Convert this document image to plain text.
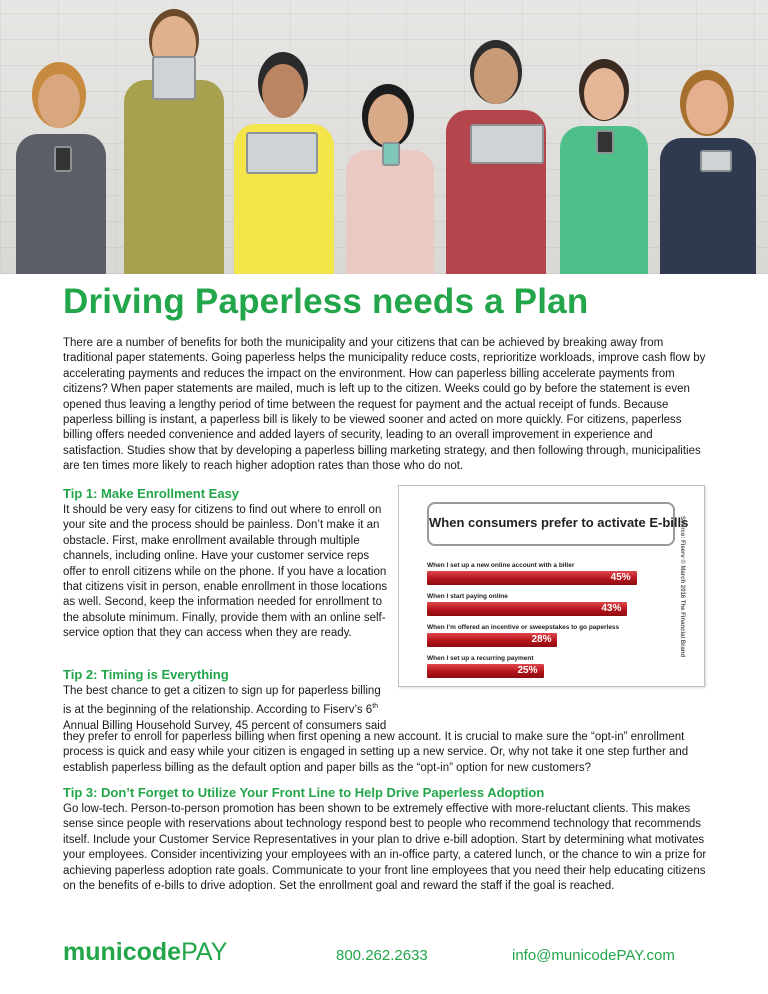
Driving Paperless needs a Plan

There are a number of benefits for both the municipality and your citizens that can be achieved by breaking away from traditional paper statements. Going paperless helps the municipality reduce costs, reprioritize workloads, improve cash flow by accelerating payments and reduces the impact on the environment. How can paperless billing accelerate payments from citizens? When paper statements are mailed, much is left up to the citizen. Weeks could go by before the statement is even opened thus leaving a lengthy period of time between the request for payment and the actual receipt of funds. Because paperless billing is instant, a paperless bill is likely to be viewed sooner and acted on more quickly. For citizens, paperless billing offers needed convenience and added layers of security, leading to an overall improvement in experience and satisfaction. Studies show that by developing a paperless billing marketing strategy, and then following through, municipalities are ten times more likely to reach higher adoption rates than those who do not.

Tip 1: Make Enrollment Easy

It should be very easy for citizens to find out where to enroll on your site and the process should be painless. Don’t make it an obstacle. First, make enrollment available through multiple channels, including online. Have your customer service reps offer to enroll citizens while on the phone. If you have a location that citizens visit in person, enable enrollment in those locations as well. Second, keep the information needed for enrollment to the absolute minimum. Finally, provide them with an online self-service option that they can access when they are ready.

Tip 2: Timing is Everything

The best chance to get a citizen to sign up for paperless billing is at the beginning of the relationship. According to Fiserv’s 6th Annual Billing Household Survey, 45 percent of consumers said

they prefer to enroll for paperless billing when first opening a new account. It is crucial to make sure the “opt-in” enrollment process is quick and easy while your citizen is engaged in setting up a new service. Or, why not take it one step further and establish paperless billing as the default option and paper bills as the “opt-in” option for new customers?

Tip 3: Don’t Forget to Utilize Your Front Line to Help Drive Paperless Adoption

Go low-tech. Person-to-person promotion has been shown to be extremely effective with more-reluctant clients. This makes sense since people with reservations about technology respond best to people who recommend technology that recommends itself. Include your Customer Service Representatives in your plan to drive e-bill adoption. Start by determining what motivates your employees. Consider incentivizing your employees with an in-office party, a catered lunch, or the chance to win a prize for achieving paperless adoption rate goals. Communicate to your front line employees that you need their help educating citizens on the benefits of e-bills to drive adoption. Set the enrollment goal and reward the staff if the goal is reached.

When consumers prefer to activate E-bills
When I set up a new online account with a biller
45%
When I start paying online
43%
When I’m offered an incentive or sweepstakes to go paperless
28%
When I set up a recurring payment
25%
Source: Fiserv © March 2016 The Financial Brand
municodePAY	800.262.2633	info@municodePAY.com
